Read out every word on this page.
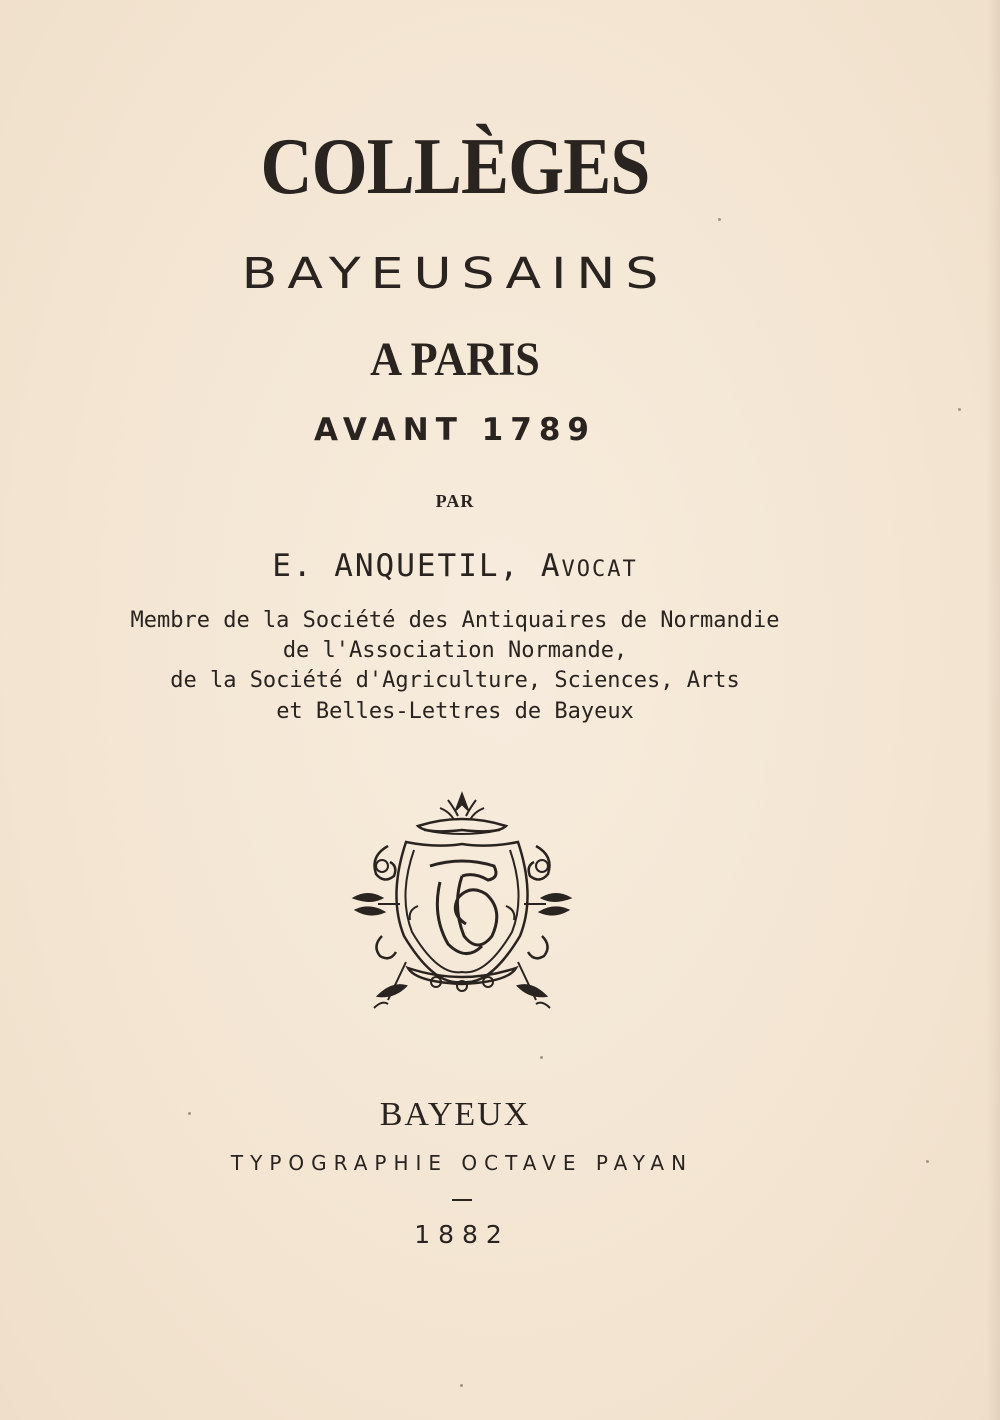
COLLÈGES
BAYEUSAINS
A PARIS
AVANT 1789
PAR
E. ANQUETIL, Avocat
Membre de la Société des Antiquaires de Normandie
de l'Association Normande,
de la Société d'Agriculture, Sciences, Arts
et Belles-Lettres de Bayeux
BAYEUX
TYPOGRAPHIE OCTAVE PAYAN
1882
